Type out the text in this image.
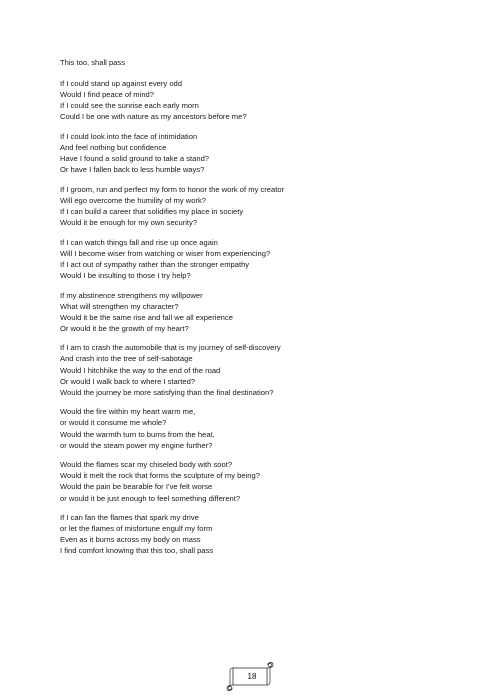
This too, shall pass
If I could stand up against every odd
Would I find peace of mind?
If I could see the sunrise each early morn
Could I be one with nature as my ancestors before me?
If I could look into the face of intimidation
And feel nothing but confidence
Have I found a solid ground to take a stand?
Or have I fallen back to less humble ways?
If I groom, run and perfect my form to honor the work of my creator
Will ego overcome the humility of my work?
If I can build a career that solidifies my place in society
Would it be enough for my own security?
If I can watch things fall and rise up once again
Will I become wiser from watching or wiser from experiencing?
If I act out of sympathy rather than the stronger empathy
Would I be insulting to those I try help?
If my abstinence strengthens my willpower
What will strengthen my character?
Would it be the same rise and fall we all experience
Or would it be the growth of my heart?
If I am to crash the automobile that is my journey of self-discovery
And crash into the tree of self-sabotage
Would I hitchhike the way to the end of the road
Or would I walk back to where I started?
Would the journey be more satisfying than the final destination?
Would the fire within my heart warm me,
or would it consume me whole?
Would the warmth turn to burns from the heat,
or would the steam power my engine further?
Would the flames scar my chiseled body with soot?
Would it melt the rock that forms the sculpture of my being?
Would the pain be bearable for I’ve felt worse
or would it be just enough to feel something different?
If I can fan the flames that spark my drive
or let the flames of misfortune engulf my form
Even as it burns across my body on mass
I find comfort knowing that this too, shall pass
18
